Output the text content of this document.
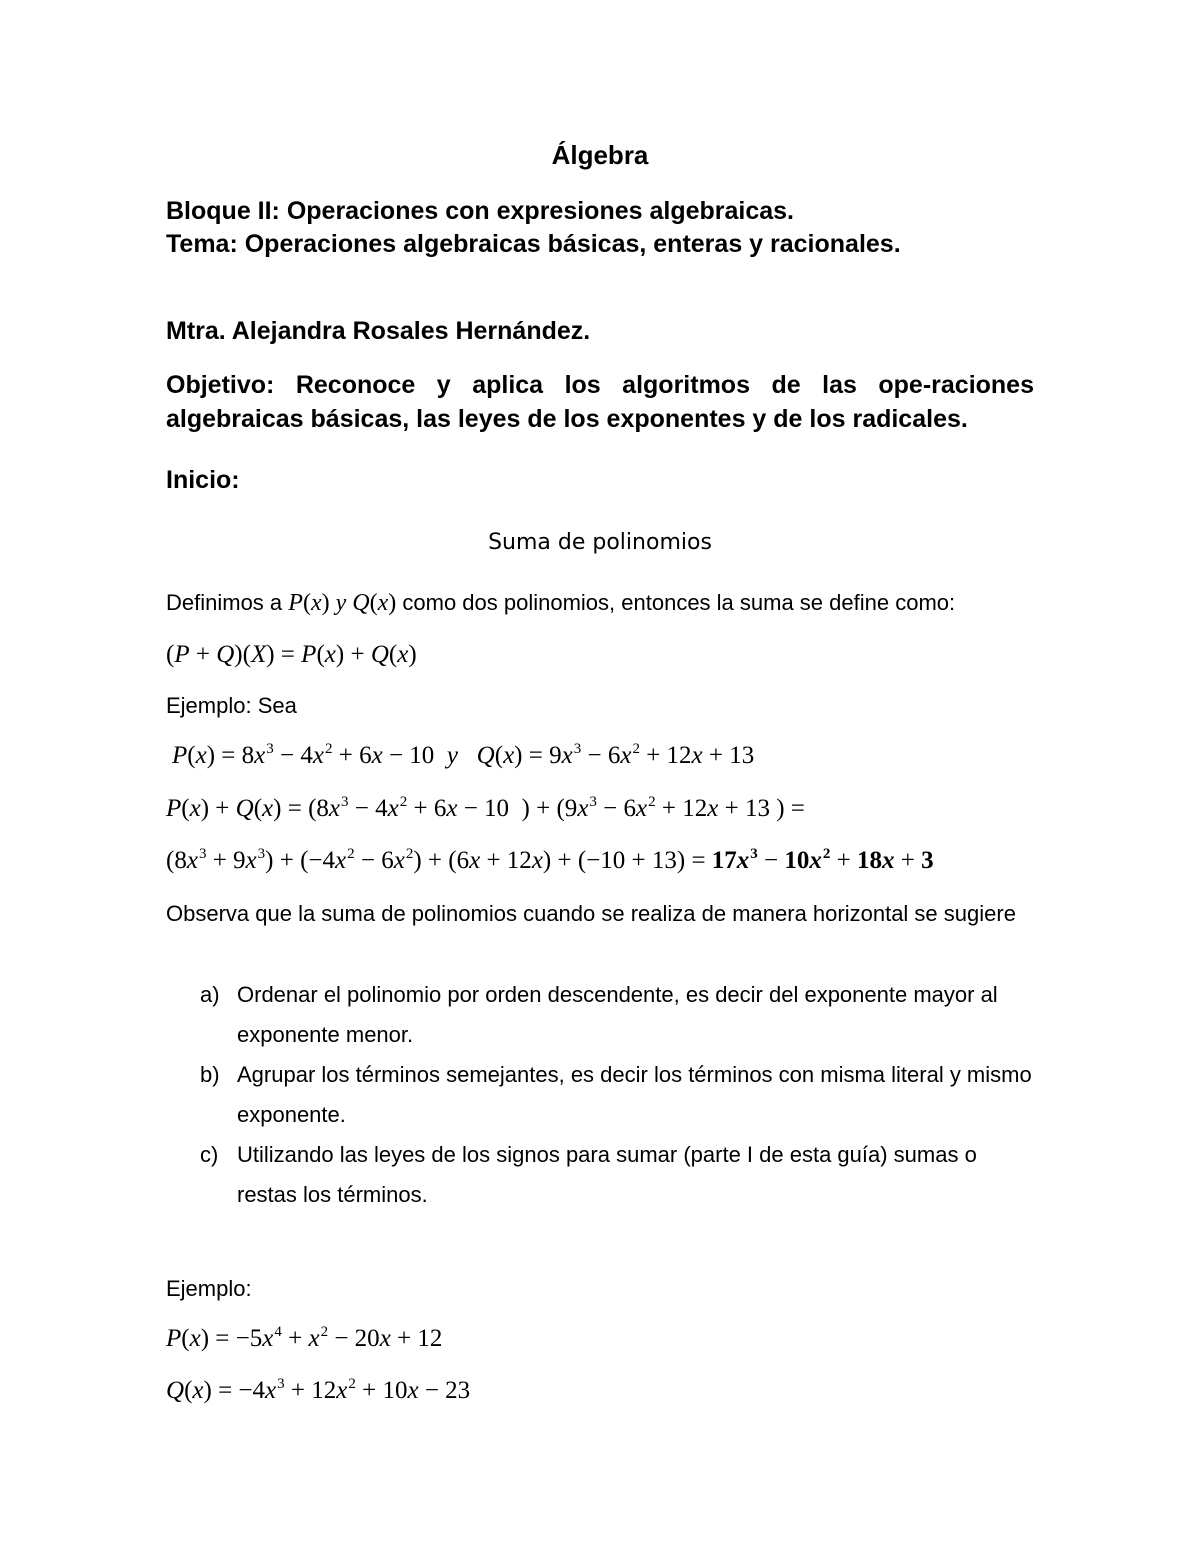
Álgebra
Bloque II: Operaciones con expresiones algebraicas.
Tema: Operaciones algebraicas básicas, enteras y racionales.
Mtra. Alejandra Rosales Hernández.
Objetivo: Reconoce y aplica los algoritmos de las ope-raciones algebraicas básicas, las leyes de los exponentes y de los radicales.
Inicio:
Suma de polinomios
Definimos a P(x) y Q(x) como dos polinomios, entonces la suma se define como:
(P + Q)(X) = P(x) + Q(x)
Ejemplo: Sea
$P(x) = 8x^3 - 4x^2 + 6x - 10$  y $Q(x) = 9x^3 - 6x^2 + 12x + 13$
$P(x) + Q(x) = (8x^3 - 4x^2 + 6x - 10$  ) + ($9x^3 - 6x^2 + 12x + 13$ ) =
$(8x^3 + 9x^3) + (-4x^2 - 6x^2) + (6x + 12x) + (-10 + 13) = 17x^3 - 10x^2 + 18x + 3$
Observa que la suma de polinomios cuando se realiza de manera horizontal se sugiere
a) Ordenar el polinomio por orden descendente, es decir del exponente mayor al exponente menor.
b) Agrupar los términos semejantes, es decir los términos con misma literal y mismo exponente.
c) Utilizando las leyes de los signos para sumar (parte I de esta guía) sumas o restas los términos.
Ejemplo:
$P(x) = -5x^4 + x^2 - 20x + 12$
$Q(x) = -4x^3 + 12x^2 + 10x - 23$
